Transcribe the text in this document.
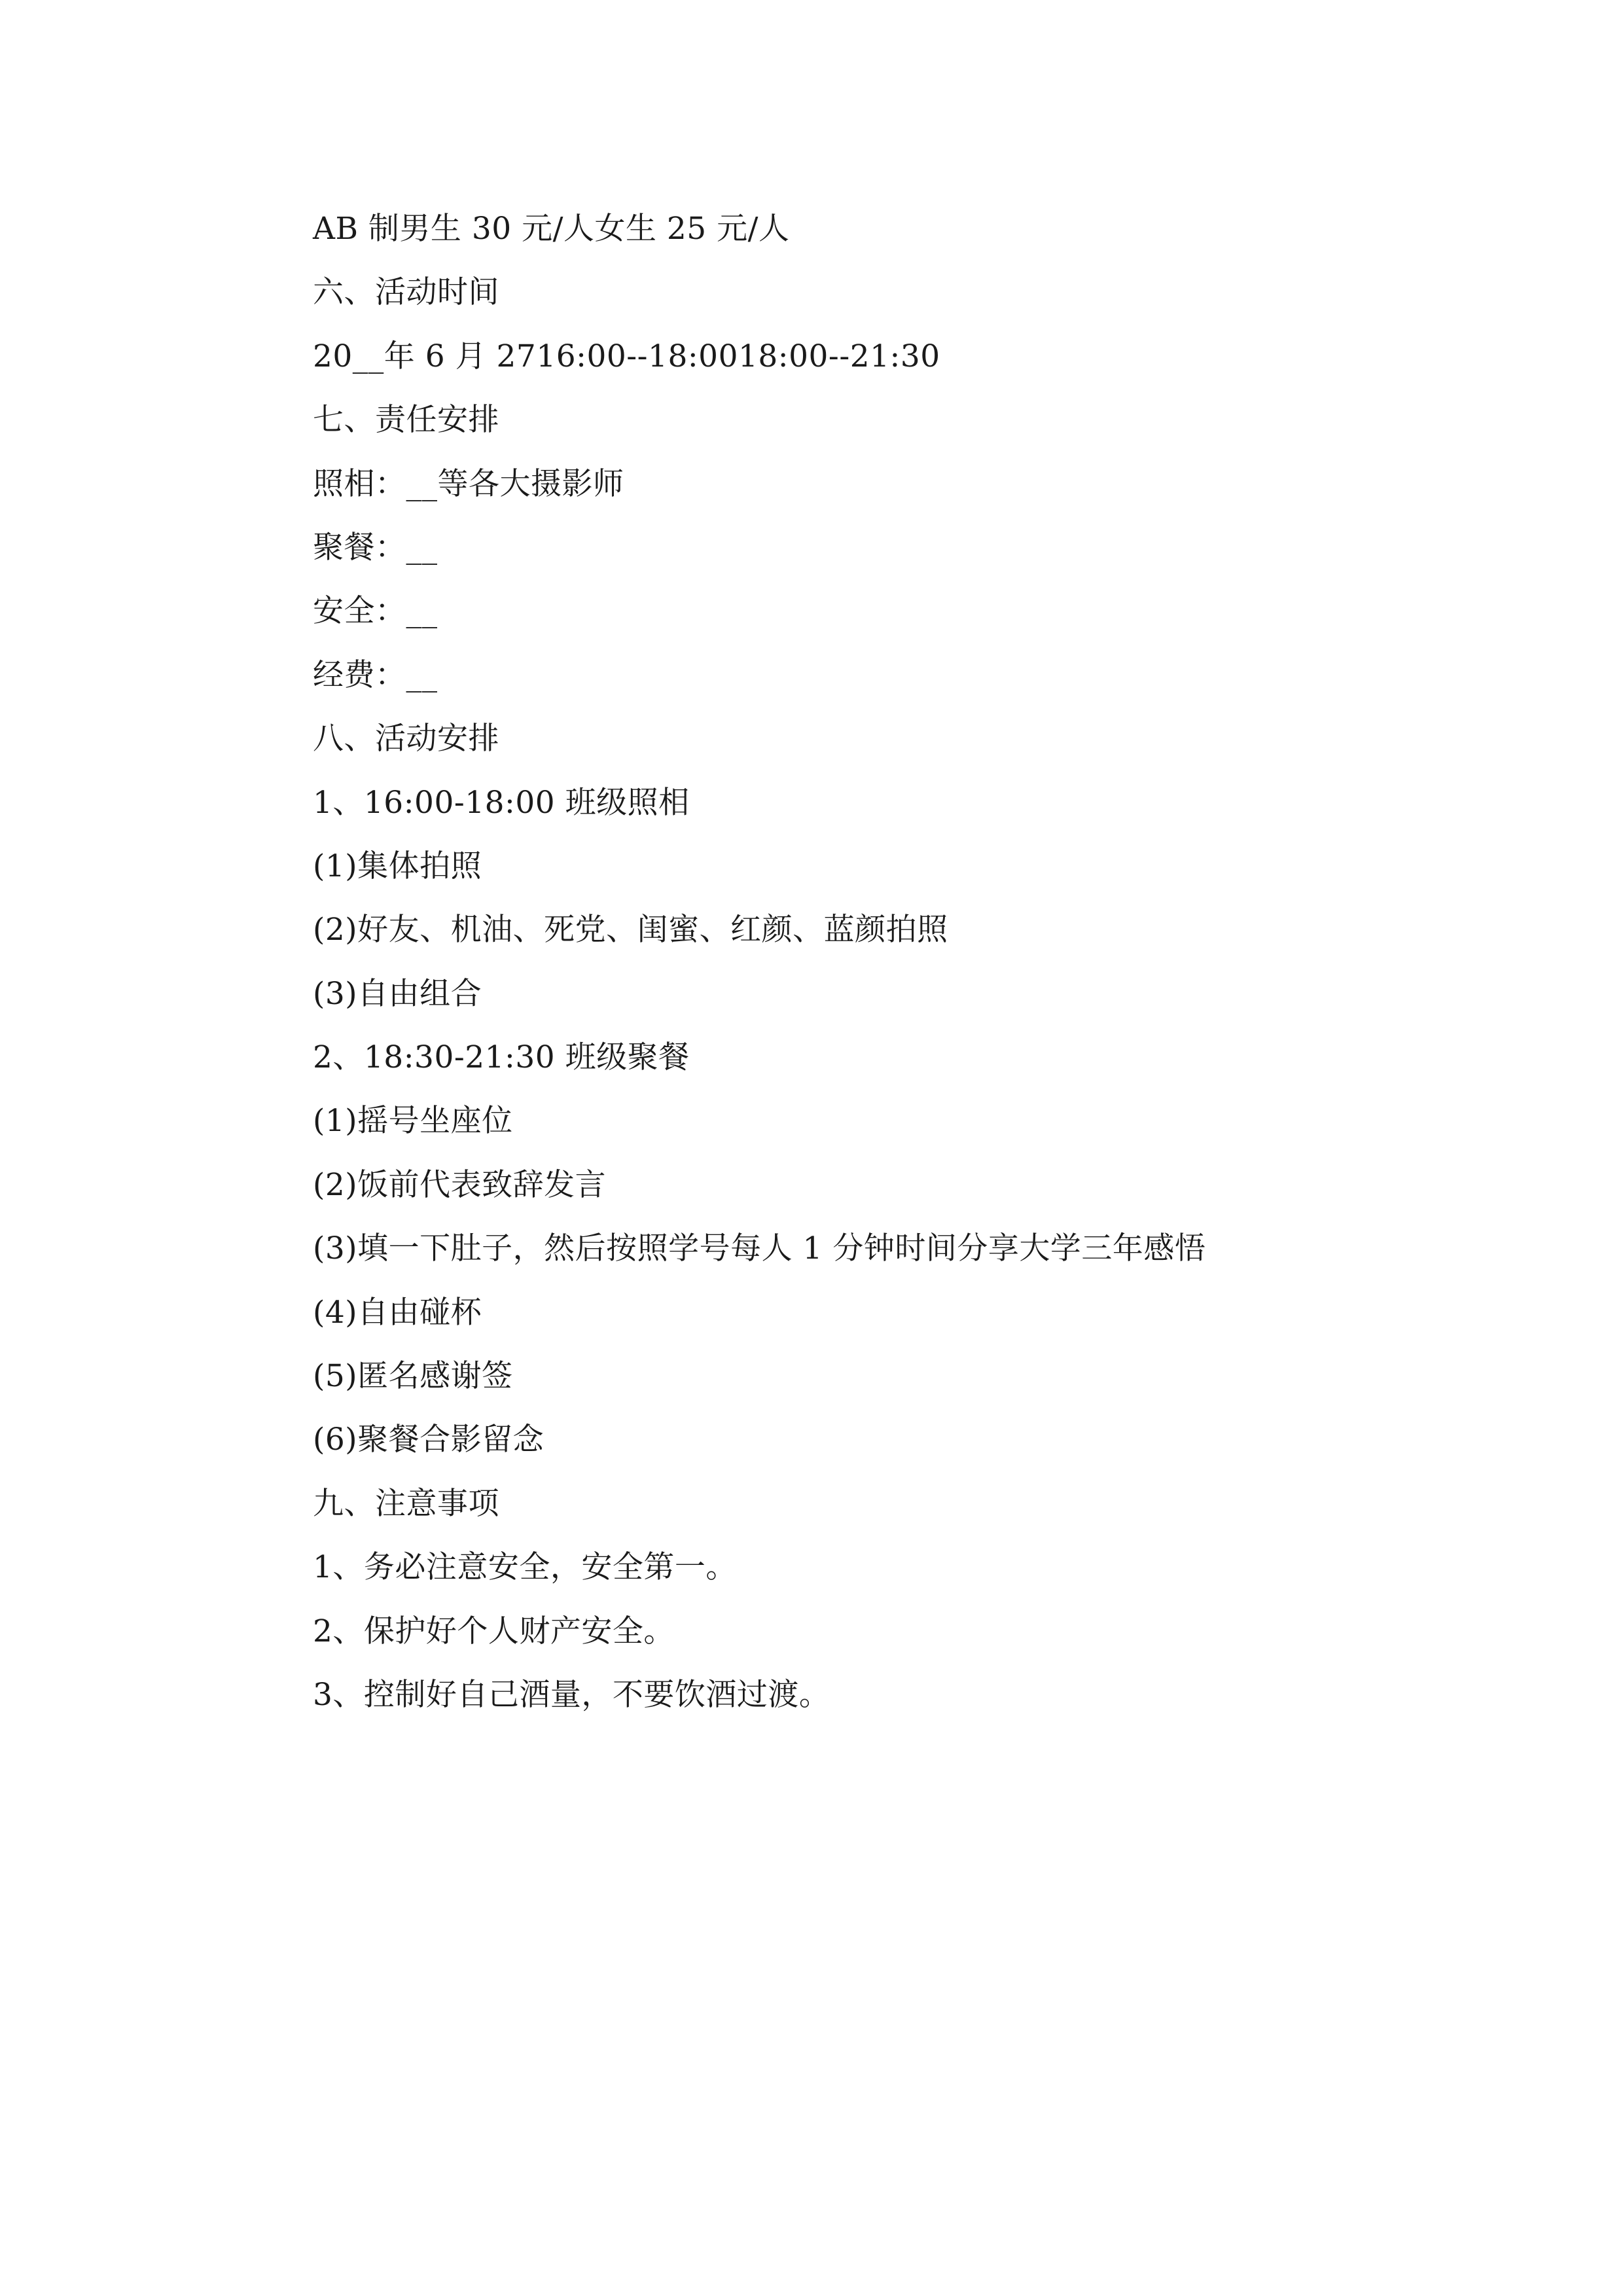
AB 制男生 30 元/人女生 25 元/人
六、活动时间
20__年 6 月 2716:00--18:0018:00--21:30
七、责任安排
照相：__等各大摄影师
聚餐：__
安全：__
经费：__
八、活动安排
1、16:00-18:00 班级照相
(1)集体拍照
(2)好友、机油、死党、闺蜜、红颜、蓝颜拍照
(3)自由组合
2、18:30-21:30 班级聚餐
(1)摇号坐座位
(2)饭前代表致辞发言
(3)填一下肚子，然后按照学号每人 1 分钟时间分享大学三年感悟
(4)自由碰杯
(5)匿名感谢签
(6)聚餐合影留念
九、注意事项
1、务必注意安全，安全第一。
2、保护好个人财产安全。
3、控制好自己酒量，不要饮酒过渡。
